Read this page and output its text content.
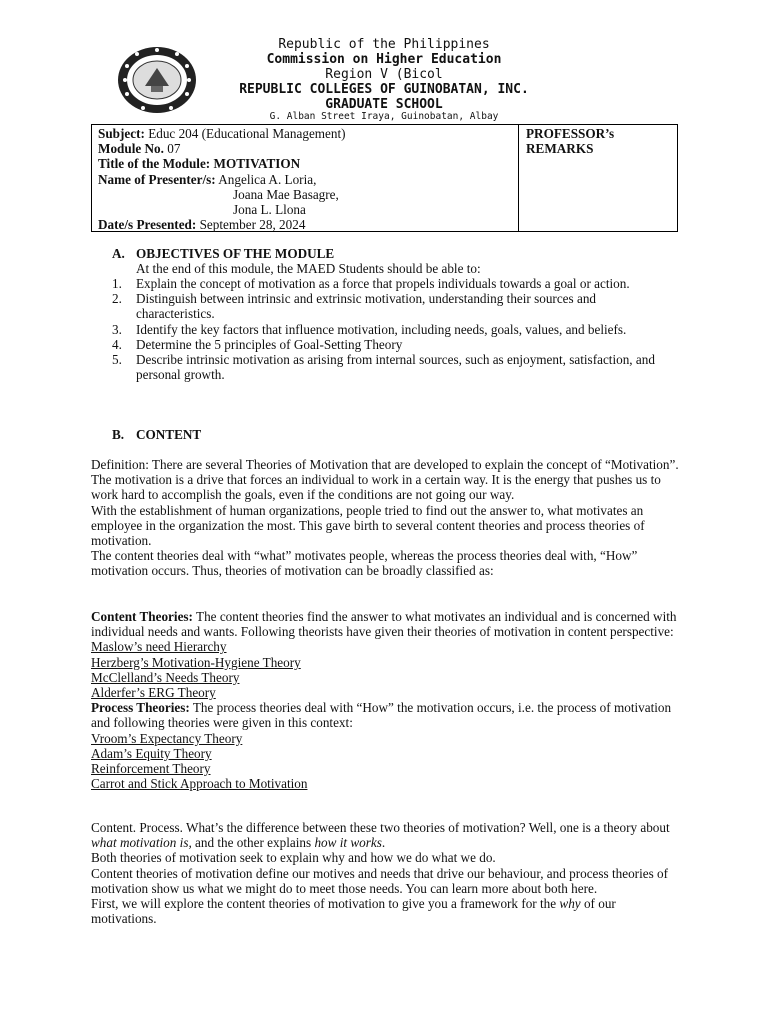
Republic of the Philippines
Commission on Higher Education
Region V (Bicol
REPUBLIC COLLEGES OF GUINOBATAN, INC.
GRADUATE SCHOOL
G. Alban Street Iraya, Guinobatan, Albay
Subject: Educ 204 (Educational Management)
Module No. 07
Title of the Module: MOTIVATION
Name of Presenter/s: Angelica A. Loria,
Joana Mae Basagre,
Jona L. Llona
Date/s Presented: September 28, 2024
PROFESSOR’s
REMARKS
A. OBJECTIVES OF THE MODULE
At the end of this module, the MAED Students should be able to:
1. Explain the concept of motivation as a force that propels individuals towards a goal or action.
2. Distinguish between intrinsic and extrinsic motivation, understanding their sources and characteristics.
3. Identify the key factors that influence motivation, including needs, goals, values, and beliefs.
4. Determine the 5 principles of Goal-Setting Theory
5. Describe intrinsic motivation as arising from internal sources, such as enjoyment, satisfaction, and personal growth.
B. CONTENT
Definition: There are several Theories of Motivation that are developed to explain the concept of “Motivation”. The motivation is a drive that forces an individual to work in a certain way. It is the energy that pushes us to work hard to accomplish the goals, even if the conditions are not going our way.
With the establishment of human organizations, people tried to find out the answer to, what motivates an employee in the organization the most. This gave birth to several content theories and process theories of motivation.
The content theories deal with “what” motivates people, whereas the process theories deal with, “How” motivation occurs. Thus, theories of motivation can be broadly classified as:
Content Theories: The content theories find the answer to what motivates an individual and is concerned with individual needs and wants. Following theorists have given their theories of motivation in content perspective:
Maslow’s need Hierarchy
Herzberg’s Motivation-Hygiene Theory
McClelland’s Needs Theory
Alderfer’s ERG Theory
Process Theories: The process theories deal with “How” the motivation occurs, i.e. the process of motivation and following theories were given in this context:
Vroom’s Expectancy Theory
Adam’s Equity Theory
Reinforcement Theory
Carrot and Stick Approach to Motivation
Content. Process. What’s the difference between these two theories of motivation? Well, one is a theory about what motivation is, and the other explains how it works.
Both theories of motivation seek to explain why and how we do what we do.
Content theories of motivation define our motives and needs that drive our behaviour, and process theories of motivation show us what we might do to meet those needs. You can learn more about both here.
First, we will explore the content theories of motivation to give you a framework for the why of our motivations.
